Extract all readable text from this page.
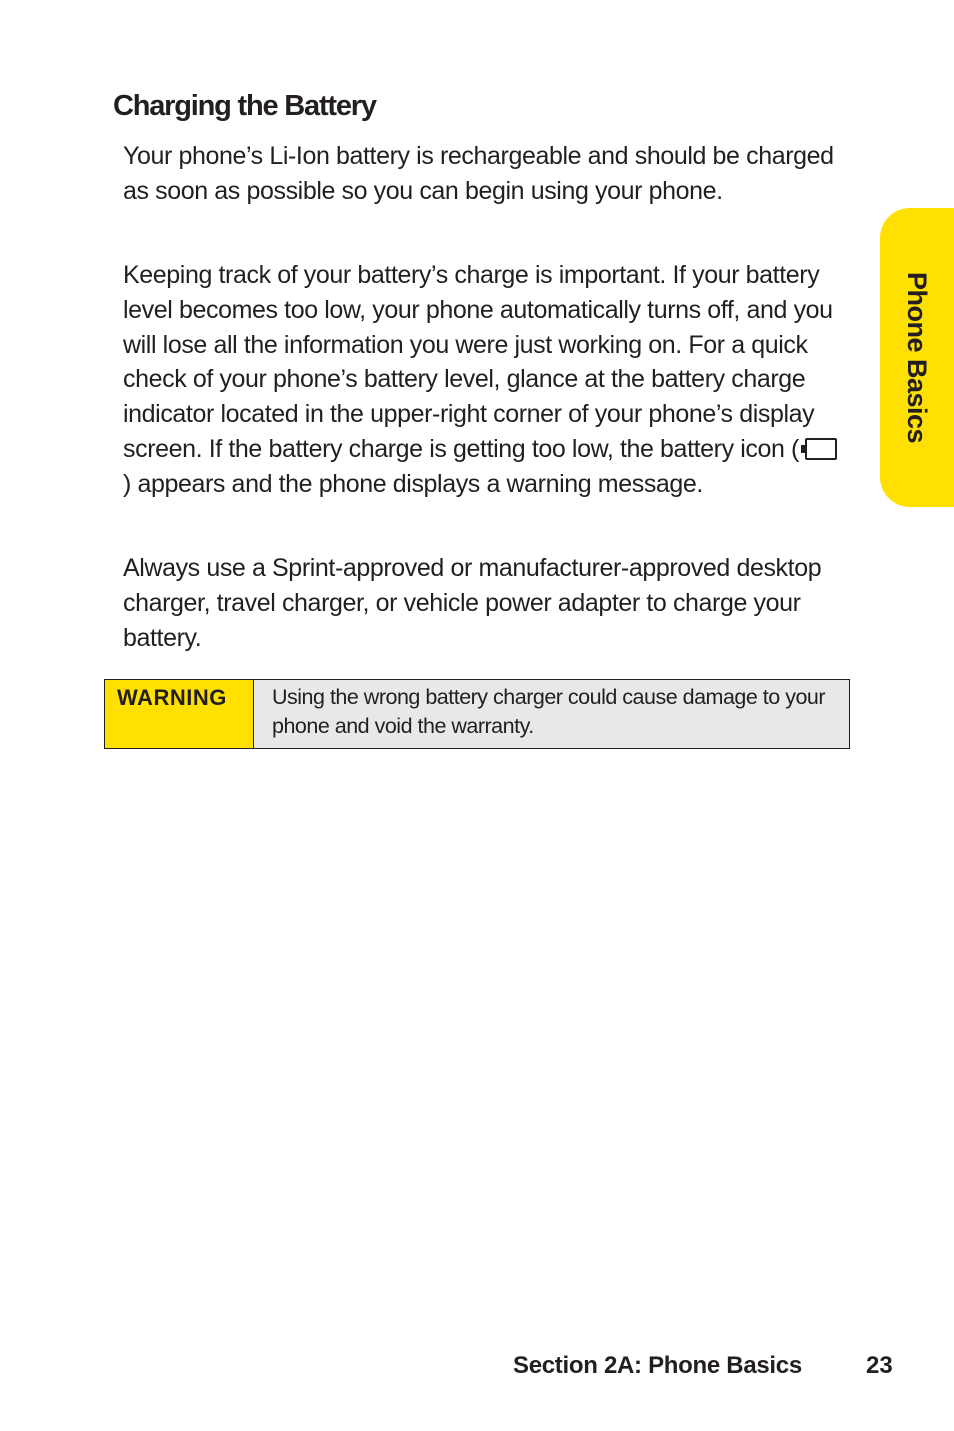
Charging the Battery

Your phone’s Li-Ion battery is rechargeable and should be charged as soon as possible so you can begin using your phone.

Keeping track of your battery’s charge is important. If your battery level becomes too low, your phone automatically turns off, and you will lose all the information you were just working on. For a quick check of your phone’s battery level, glance at the battery charge indicator located in the upper-right corner of your phone’s display screen. If the battery charge is getting too low, the battery icon () appears and the phone displays a warning message.

Always use a Sprint-approved or manufacturer-approved desktop charger, travel charger, or vehicle power adapter to charge your battery.

WARNING	Using the wrong battery charger could cause damage to your phone and void the warranty.
Phone Basics
Section 2A: Phone Basics	23
